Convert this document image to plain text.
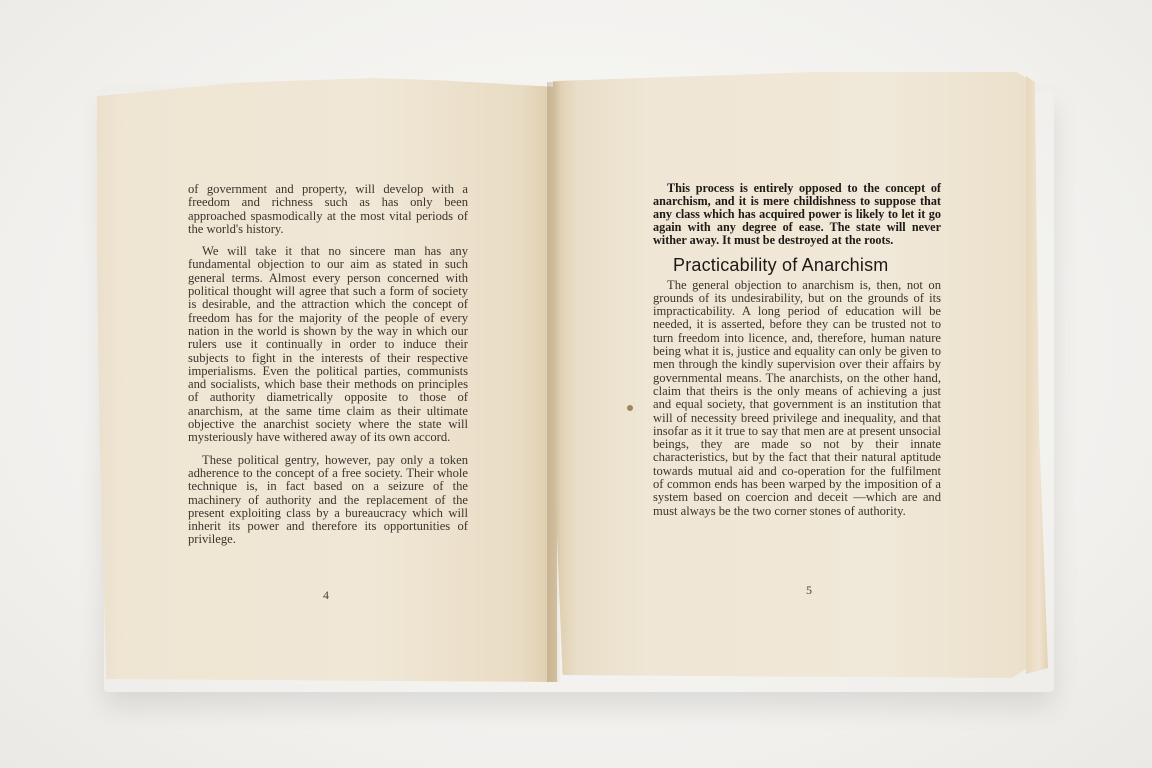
of government and property, will develop with a freedom and richness such as has only been approached spasmodically at the most vital periods of the world's history.

We will take it that no sincere man has any fundamental objection to our aim as stated in such general terms. Almost every person concerned with political thought will agree that such a form of society is desirable, and the attraction which the concept of freedom has for the majority of the people of every nation in the world is shown by the way in which our rulers use it continually in order to induce their subjects to fight in the interests of their respective imperialisms. Even the political parties, communists and socialists, which base their methods on principles of authority diametrically opposite to those of anarchism, at the same time claim as their ultimate objective the anarchist society where the state will mysteriously have withered away of its own accord.

These political gentry, however, pay only a token adherence to the concept of a free society. Their whole technique is, in fact based on a seizure of the machinery of authority and the replacement of the present exploiting class by a bureaucracy which will inherit its power and therefore its opportunities of privilege.

4

This process is entirely opposed to the concept of anarchism, and it is mere childishness to suppose that any class which has acquired power is likely to let it go again with any degree of ease. The state will never wither away. It must be destroyed at the roots.

Practicability of Anarchism

The general objection to anarchism is, then, not on grounds of its undesirability, but on the grounds of its impracticability. A long period of education will be needed, it is asserted, before they can be trusted not to turn freedom into licence, and, therefore, human nature being what it is, justice and equality can only be given to men through the kindly supervision over their affairs by governmental means. The anarchists, on the other hand, claim that theirs is the only means of achieving a just and equal society, that government is an institution that will of necessity breed privilege and inequality, and that insofar as it it true to say that men are at present unsocial beings, they are made so not by their innate characteristics, but by the fact that their natural aptitude towards mutual aid and co-operation for the fulfilment of common ends has been warped by the imposition of a system based on coercion and deceit —which are and must always be the two corner stones of authority.

5
